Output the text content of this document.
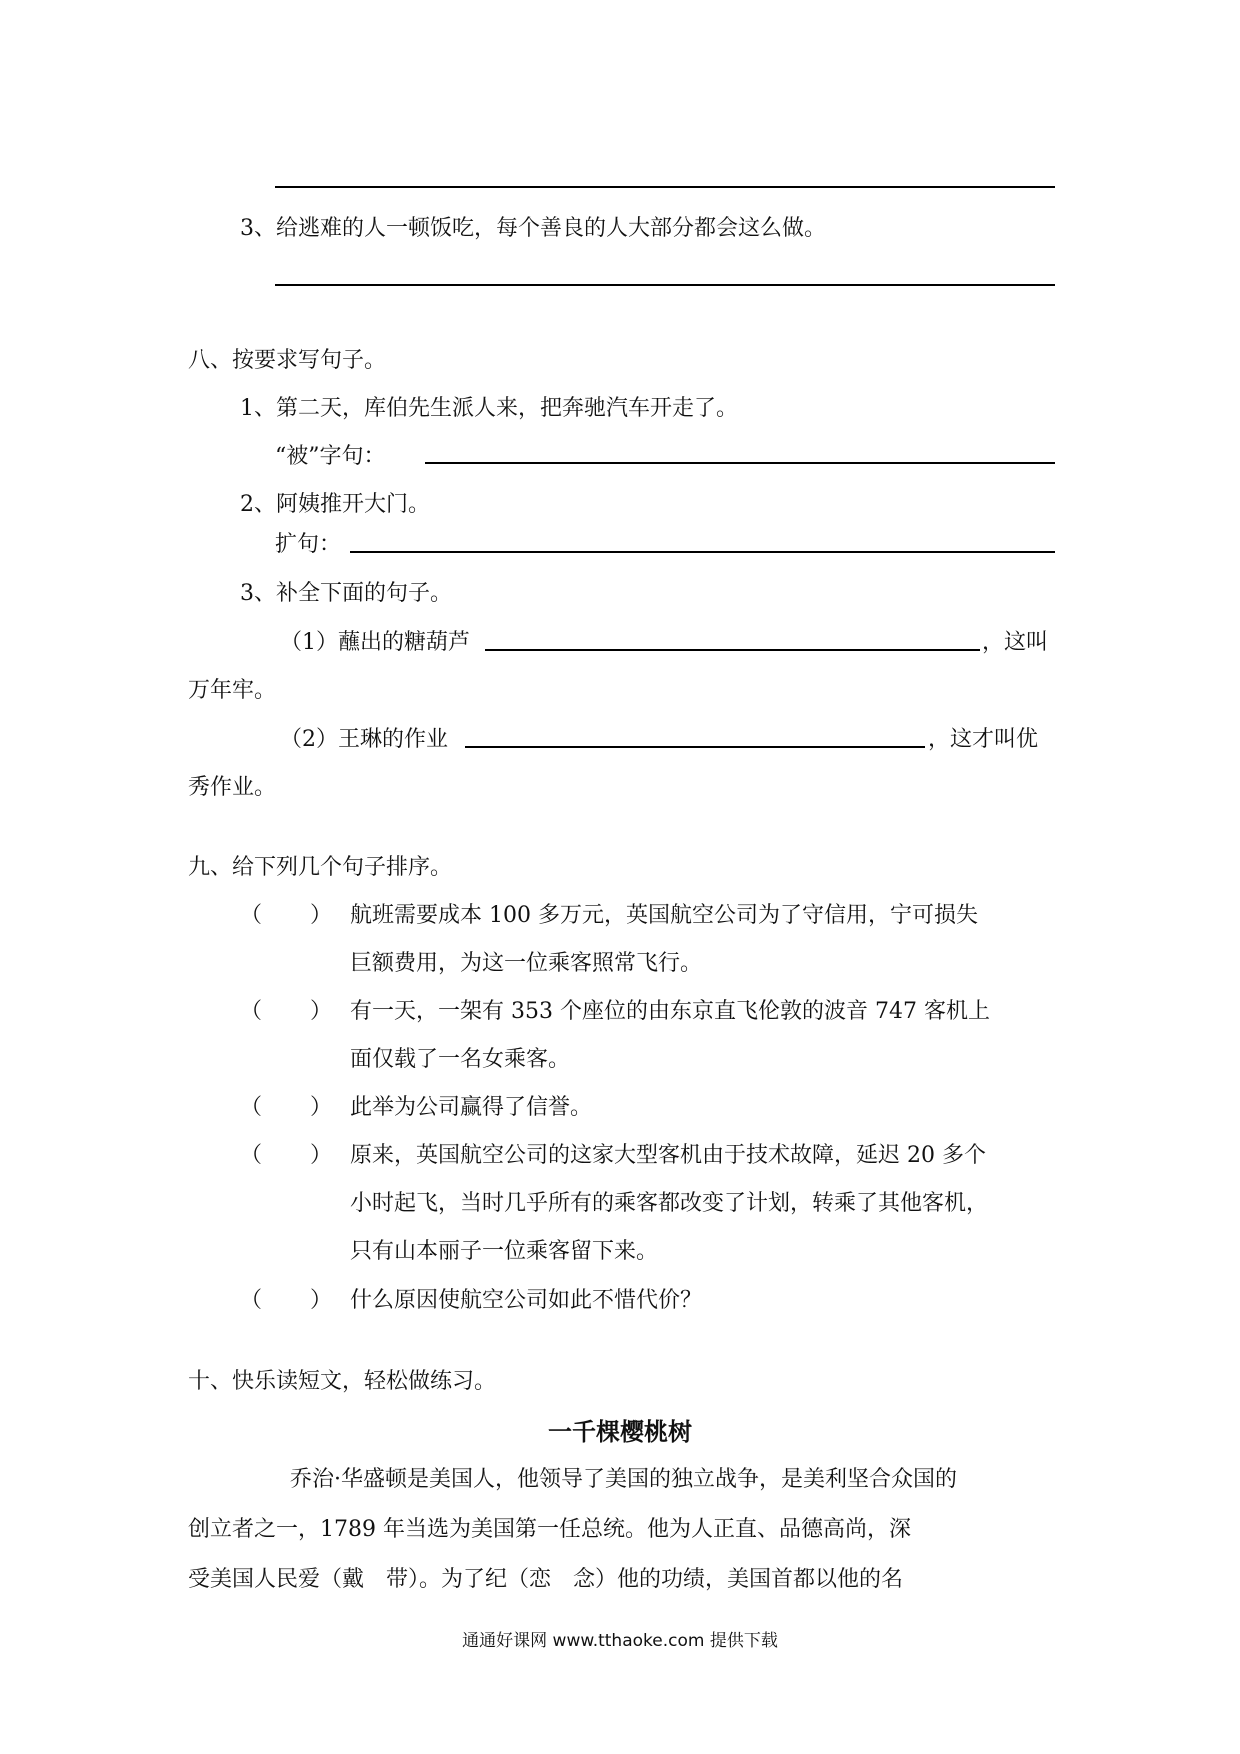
3、给逃难的人一顿饭吃，每个善良的人大部分都会这么做。
八、按要求写句子。
1、第二天，库伯先生派人来，把奔驰汽车开走了。
“被”字句：
2、阿姨推开大门。
扩句：
3、补全下面的句子。
（1）蘸出的糖葫芦	，这叫
万年牢。
（2）王琳的作业	，这才叫优
秀作业。
九、给下列几个句子排序。
（ ） 航班需要成本 100 多万元，英国航空公司为了守信用，宁可损失
巨额费用，为这一位乘客照常飞行。
（ ） 有一天，一架有 353 个座位的由东京直飞伦敦的波音 747 客机上
面仅载了一名女乘客。
（ ） 此举为公司赢得了信誉。
（ ） 原来，英国航空公司的这家大型客机由于技术故障，延迟 20 多个
小时起飞，当时几乎所有的乘客都改变了计划，转乘了其他客机，
只有山本丽子一位乘客留下来。
（ ） 什么原因使航空公司如此不惜代价？
十、快乐读短文，轻松做练习。
一千棵樱桃树
乔治·华盛顿是美国人，他领导了美国的独立战争，是美利坚合众国的
创立者之一，1789 年当选为美国第一任总统。他为人正直、品德高尚，深
受美国人民爱（戴　带）。为了纪（恋　念）他的功绩，美国首都以他的名
通通好课网 www.tthaoke.com 提供下载
